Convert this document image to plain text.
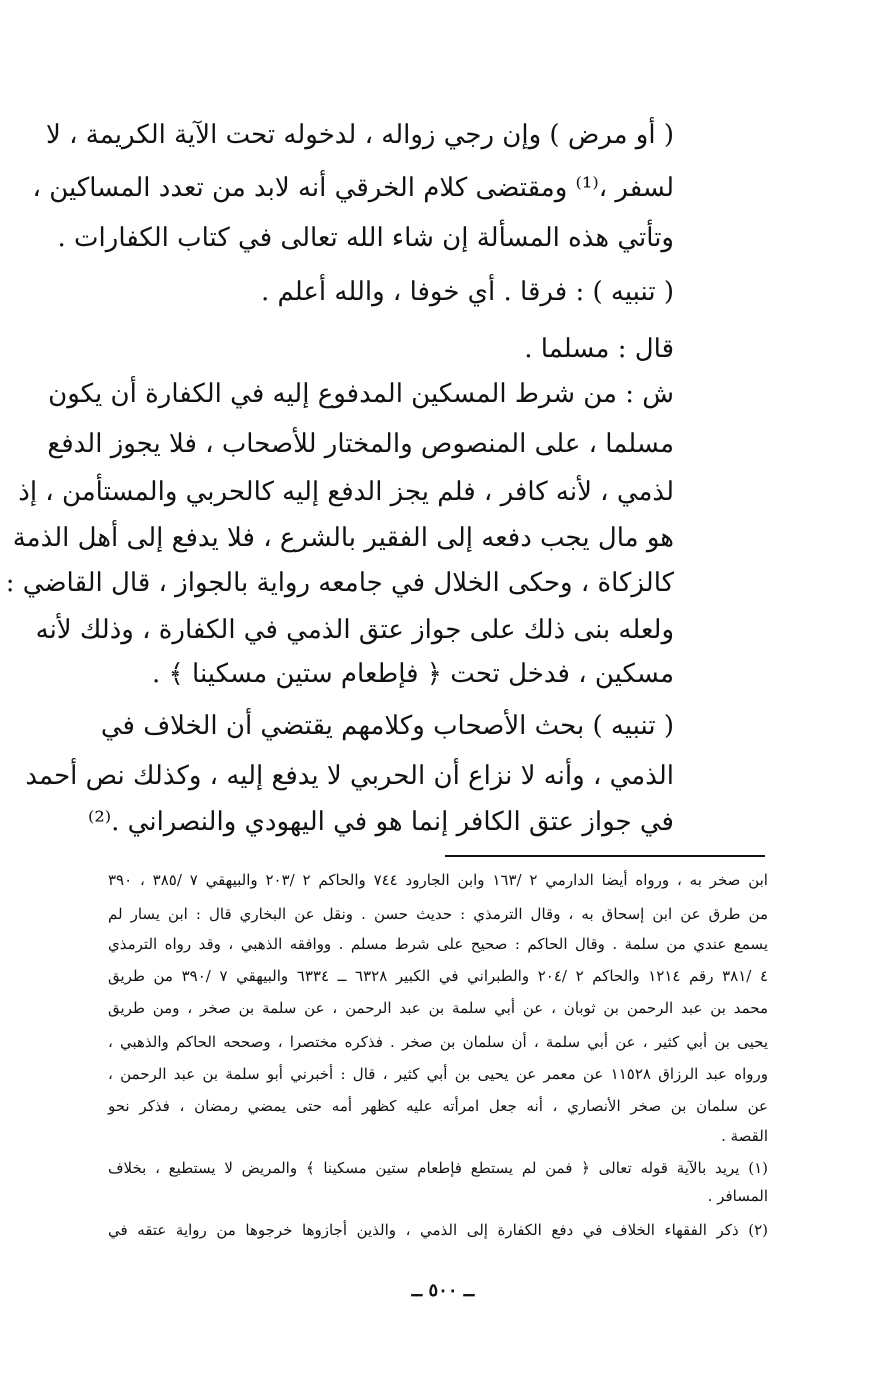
( أو مرض ) وإن رجي زواله ، لدخوله تحت الآية الكريمة ، لا
لسفر ،⁽¹⁾ ومقتضى كلام الخرقي أنه لابد من تعدد المساكين ،
وتأتي هذه المسألة إن شاء الله تعالى في كتاب الكفارات .
( تنبيه ) : فرقا . أي خوفا ، والله أعلم .
قال : مسلما .
ش : من شرط المسكين المدفوع إليه في الكفارة أن يكون
مسلما ، على المنصوص والمختار للأصحاب ، فلا يجوز الدفع
لذمي ، لأنه كافر ، فلم يجز الدفع إليه كالحربي والمستأمن ، إذ
هو مال يجب دفعه إلى الفقير بالشرع ، فلا يدفع إلى أهل الذمة
كالزكاة ، وحكى الخلال في جامعه رواية بالجواز ، قال القاضي :
ولعله بنى ذلك على جواز عتق الذمي في الكفارة ، وذلك لأنه
مسكين ، فدخل تحت ﴿ فإطعام ستين مسكينا ﴾ .
( تنبيه ) بحث الأصحاب وكلامهم يقتضي أن الخلاف في
الذمي ، وأنه لا نزاع أن الحربي لا يدفع إليه ، وكذلك نص أحمد
في جواز عتق الكافر إنما هو في اليهودي والنصراني .⁽²⁾
ابن صخر به ، ورواه أيضا الدارمي ٢ /١٦٣ وابن الجارود ٧٤٤ والحاكم ٢ /٢٠٣ والبيهقي ٧ /٣٨٥ ، ٣٩٠
من طرق عن ابن إسحاق به ، وقال الترمذي : حديث حسن . ونقل عن البخاري قال : ابن يسار لم
يسمع عندي من سلمة . وقال الحاكم : صحيح على شرط مسلم . ووافقه الذهبي ، وقد رواه الترمذي
٤ /٣٨١ رقم ١٢١٤ والحاكم ٢ /٢٠٤ والطبراني في الكبير ٦٣٢٨ ــ ٦٣٣٤ والبيهقي ٧ /٣٩٠ من طريق
محمد بن عبد الرحمن بن ثوبان ، عن أبي سلمة بن عبد الرحمن ، عن سلمة بن صخر ، ومن طريق
يحيى بن أبي كثير ، عن أبي سلمة ، أن سلمان بن صخر . فذكره مختصرا ، وصححه الحاكم والذهبي ،
ورواه عبد الرزاق ١١٥٢٨ عن معمر عن يحيى بن أبي كثير ، قال : أخبرني أبو سلمة بن عبد الرحمن ،
عن سلمان بن صخر الأنصاري ، أنه جعل امرأته عليه كظهر أمه حتى يمضي رمضان ، فذكر نحو
القصة .
(١) يريد بالآية قوله تعالى ﴿ فمن لم يستطع فإطعام ستين مسكينا ﴾ والمريض لا يستطيع ، بخلاف
المسافر .
(٢) ذكر الفقهاء الخلاف في دفع الكفارة إلى الذمي ، والذين أجازوها خرجوها من رواية عتقه في
ــ ٥٠٠ ــ
